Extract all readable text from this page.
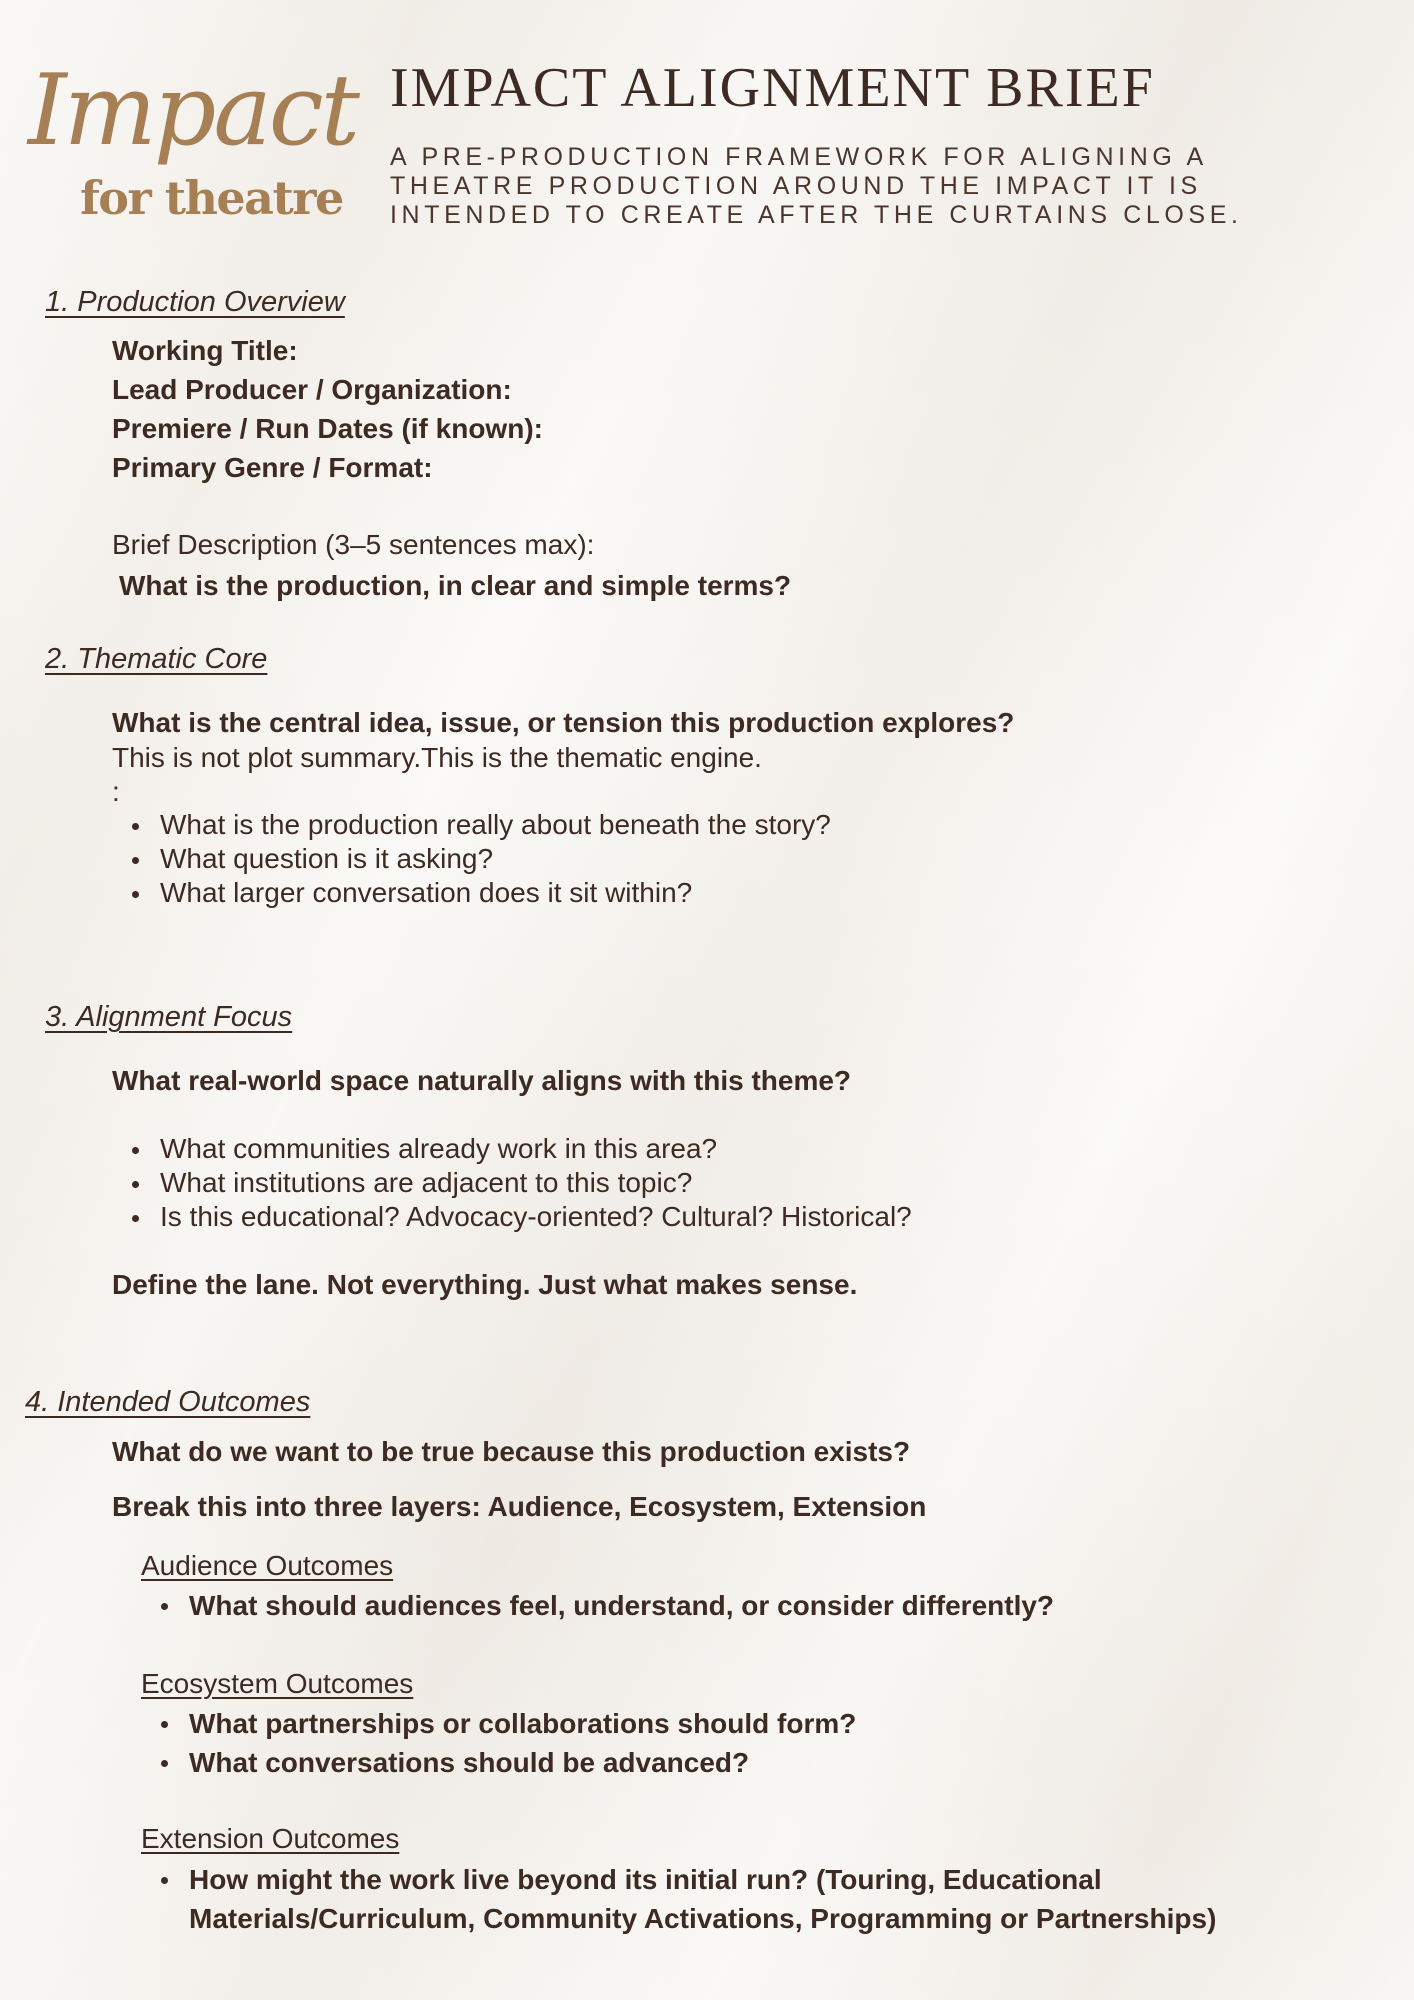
Impact
for theatre
IMPACT ALIGNMENT BRIEF
A PRE-PRODUCTION FRAMEWORK FOR ALIGNING A
THEATRE PRODUCTION AROUND THE IMPACT IT IS
INTENDED TO CREATE AFTER THE CURTAINS CLOSE.
1. Production Overview
Working Title:
Lead Producer / Organization:
Premiere / Run Dates (if known):
Primary Genre / Format:
Brief Description (3–5 sentences max):
What is the production, in clear and simple terms?
2. Thematic Core
What is the central idea, issue, or tension this production explores?
This is not plot summary.This is the thematic engine.
:
What is the production really about beneath the story?
What question is it asking?
What larger conversation does it sit within?
3. Alignment Focus
What real-world space naturally aligns with this theme?
What communities already work in this area?
What institutions are adjacent to this topic?
Is this educational? Advocacy-oriented? Cultural? Historical?
Define the lane. Not everything. Just what makes sense.
4. Intended Outcomes
What do we want to be true because this production exists?
Break this into three layers: Audience, Ecosystem, Extension
Audience Outcomes
What should audiences feel, understand, or consider differently?
Ecosystem Outcomes
What partnerships or collaborations should form?
What conversations should be advanced?
Extension Outcomes
How might the work live beyond its initial run? (Touring, Educational Materials/Curriculum, Community Activations, Programming or Partnerships)
